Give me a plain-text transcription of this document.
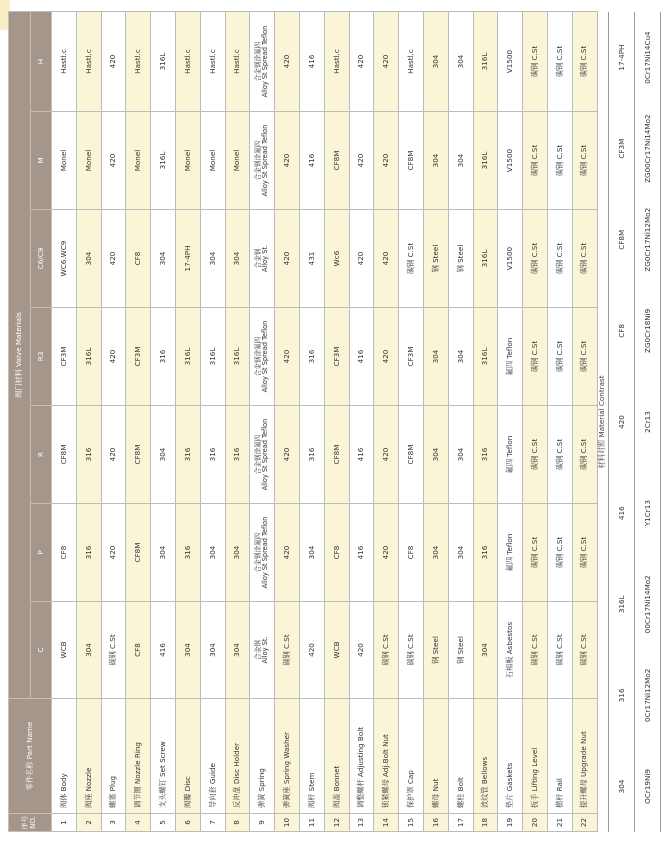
序号 NO.	零件名称 Part Name	阀门材料 Valve Materials						
		C	P	R	R3	C6/C9	M	H
1	阀体 Body	WCB	CF8	CF8M	CF3M	WC6.WC9	Monel	Hastl.c
2	阀座 Nozzle	304	316	316	316L	304	Monel	Hastl.c
3	螺塞 Plug	碳钢 C.St	420	420	420	420	420	420
4	调节圈 Nozzle Ring	CF8	CF8M	CF8M	CF3M	CF8	Monel	Hastl.c
5	支头螺钉 Set Screw	416	304	304	316	304	316L	316L
6	阀瓣 Disc	304	316	316	316L	17-4PH	Monel	Hastl.c
7	导向套 Guide	304	304	316	316L	304	Monel	Hastl.c
8	反冲盘 Disc Holder	304	304	316	316L	304	Monel	Hastl.c
9	弹簧 Spring	合金钢 Alloy St.	合金钢涂氟四 Alloy St Spread Teflon	合金钢涂氟四 Alloy St Spread Teflon	合金钢涂氟四 Alloy St Spread Teflon	合金钢 Alloy St.	合金钢涂氟四 Alloy St Spread Teflon	合金钢涂氟四 Alloy St Spread Teflon

10	弹簧座 Spring Washer	碳钢 C.St	420	420	420	420	420	420
11	阀杆 Stem	420	304	316	316	431	416	416
12	阀盖 Bonnet	WCB	CF8	CF8M	CF3M	Wc6	CF8M	Hastl.c
13	调整螺杆 Adjusting Bolt	420	416	416	416	420	420	420
14	锁紧螺母 Adj.Bolt Nut	碳钢 C.St	420	420	420	420	420	420
15	保护罩 Cap	碳钢 C.St	CF8	CF8M	CF3M	碳钢 C.St	CF8M	Hastl.c
16	螺母 Nut	钢 Steel	304	304	304	钢 Steel	304	304
17	螺柱 Bolt	钢 Steel	304	304	304	钢 Steel	304	304
18	波纹管 Bellows	304	316	316	316L	316L	316L	316L
19	垫片 Gaskets	石棉板 Asbestos	氟四 Teflon	氟四 Teflon	氟四 Teflon	V1500	V1500	V1500
20	扳手 Lifting Level	碳钢 C.St	碳钢 C.St	碳钢 C.St	碳钢 C.St	碳钢 C.St	碳钢 C.St	碳钢 C.St
21	横杆 Rail	碳钢 C.St	碳钢 C.St	碳钢 C.St	碳钢 C.St	碳钢 C.St	碳钢 C.St	碳钢 C.St
22	提升螺母 Upgrade Nut	碳钢 C.St	碳钢 C.St	碳钢 C.St	碳钢 C.St	碳钢 C.St	碳钢 C.St	碳钢 C.St
材料对照 Material Contrast
304	316	316L	416	420	CF8	CF8M	CF3M	17-4PH
OCr19Ni9	0Cr17Ni12Mo2	00Cr17Ni14Mo2	Y1Cr13	2Cr13	ZG0Cr18Ni9	ZG0Cr17Ni12Mo2	ZG00Cr17Ni14Mo2	0Cr17Ni14Cu4
